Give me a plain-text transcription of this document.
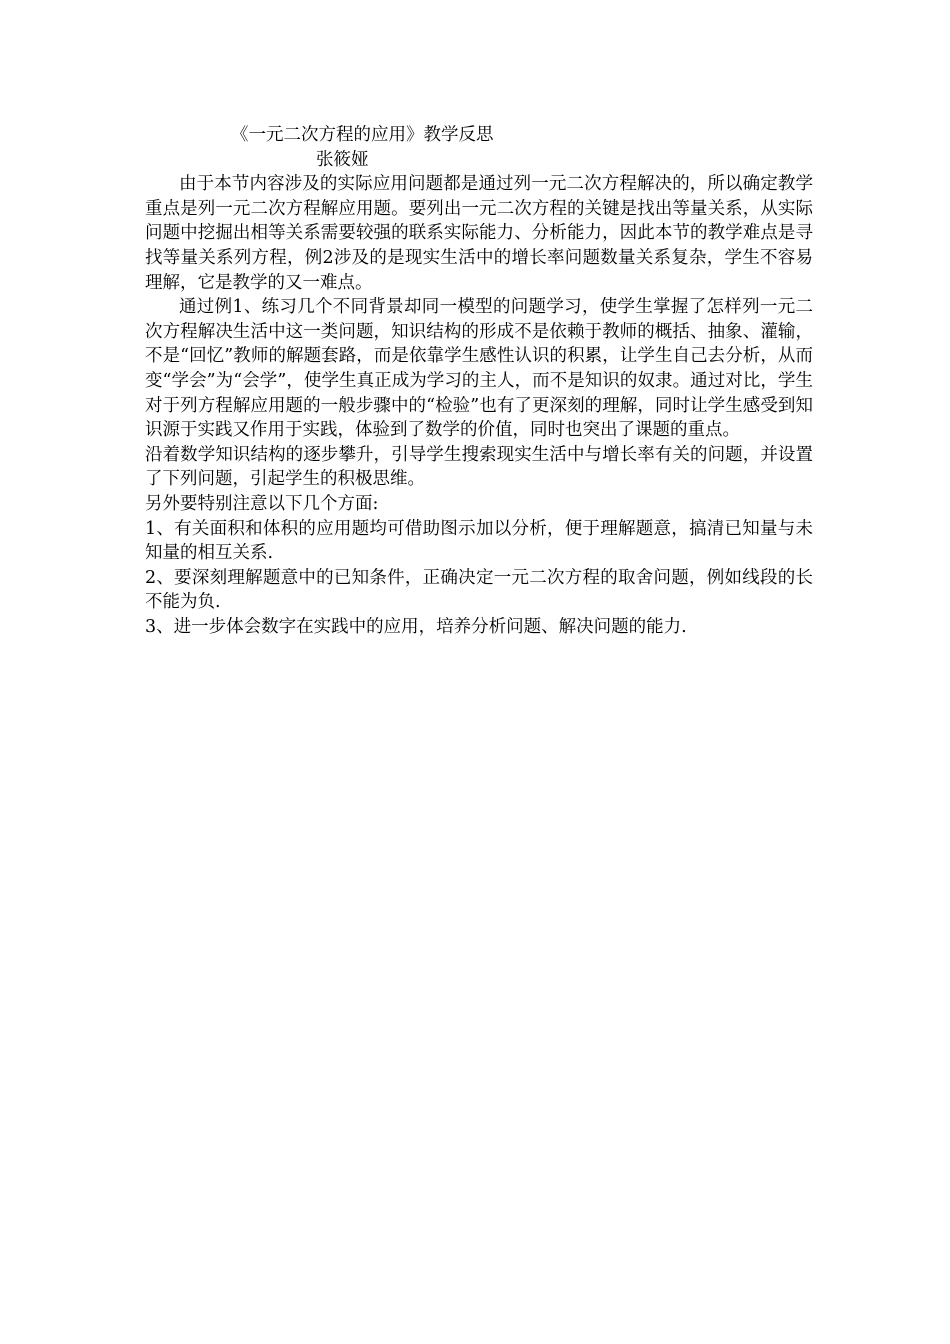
《一元二次方程的应用》教学反思

张筱娅

由于本节内容涉及的实际应用问题都是通过列一元二次方程解决的，所以确定教学重点是列一元二次方程解应用题。要列出一元二次方程的关键是找出等量关系，从实际问题中挖掘出相等关系需要较强的联系实际能力、分析能力，因此本节的教学难点是寻找等量关系列方程，例2涉及的是现实生活中的增长率问题数量关系复杂，学生不容易理解，它是教学的又一难点。

通过例1、练习几个不同背景却同一模型的问题学习，使学生掌握了怎样列一元二次方程解决生活中这一类问题，知识结构的形成不是依赖于教师的概括、抽象、灌输，不是“回忆”教师的解题套路，而是依靠学生感性认识的积累，让学生自己去分析，从而变“学会”为“会学”，使学生真正成为学习的主人，而不是知识的奴隶。通过对比，学生对于列方程解应用题的一般步骤中的“检验”也有了更深刻的理解，同时让学生感受到知识源于实践又作用于实践，体验到了数学的价值，同时也突出了课题的重点。

沿着数学知识结构的逐步攀升，引导学生搜索现实生活中与增长率有关的问题，并设置了下列问题，引起学生的积极思维。

另外要特别注意以下几个方面:

1、有关面积和体积的应用题均可借助图示加以分析，便于理解题意，搞清已知量与未知量的相互关系.

2、要深刻理解题意中的已知条件，正确决定一元二次方程的取舍问题，例如线段的长不能为负.

3、进一步体会数字在实践中的应用，培养分析问题、解决问题的能力.
